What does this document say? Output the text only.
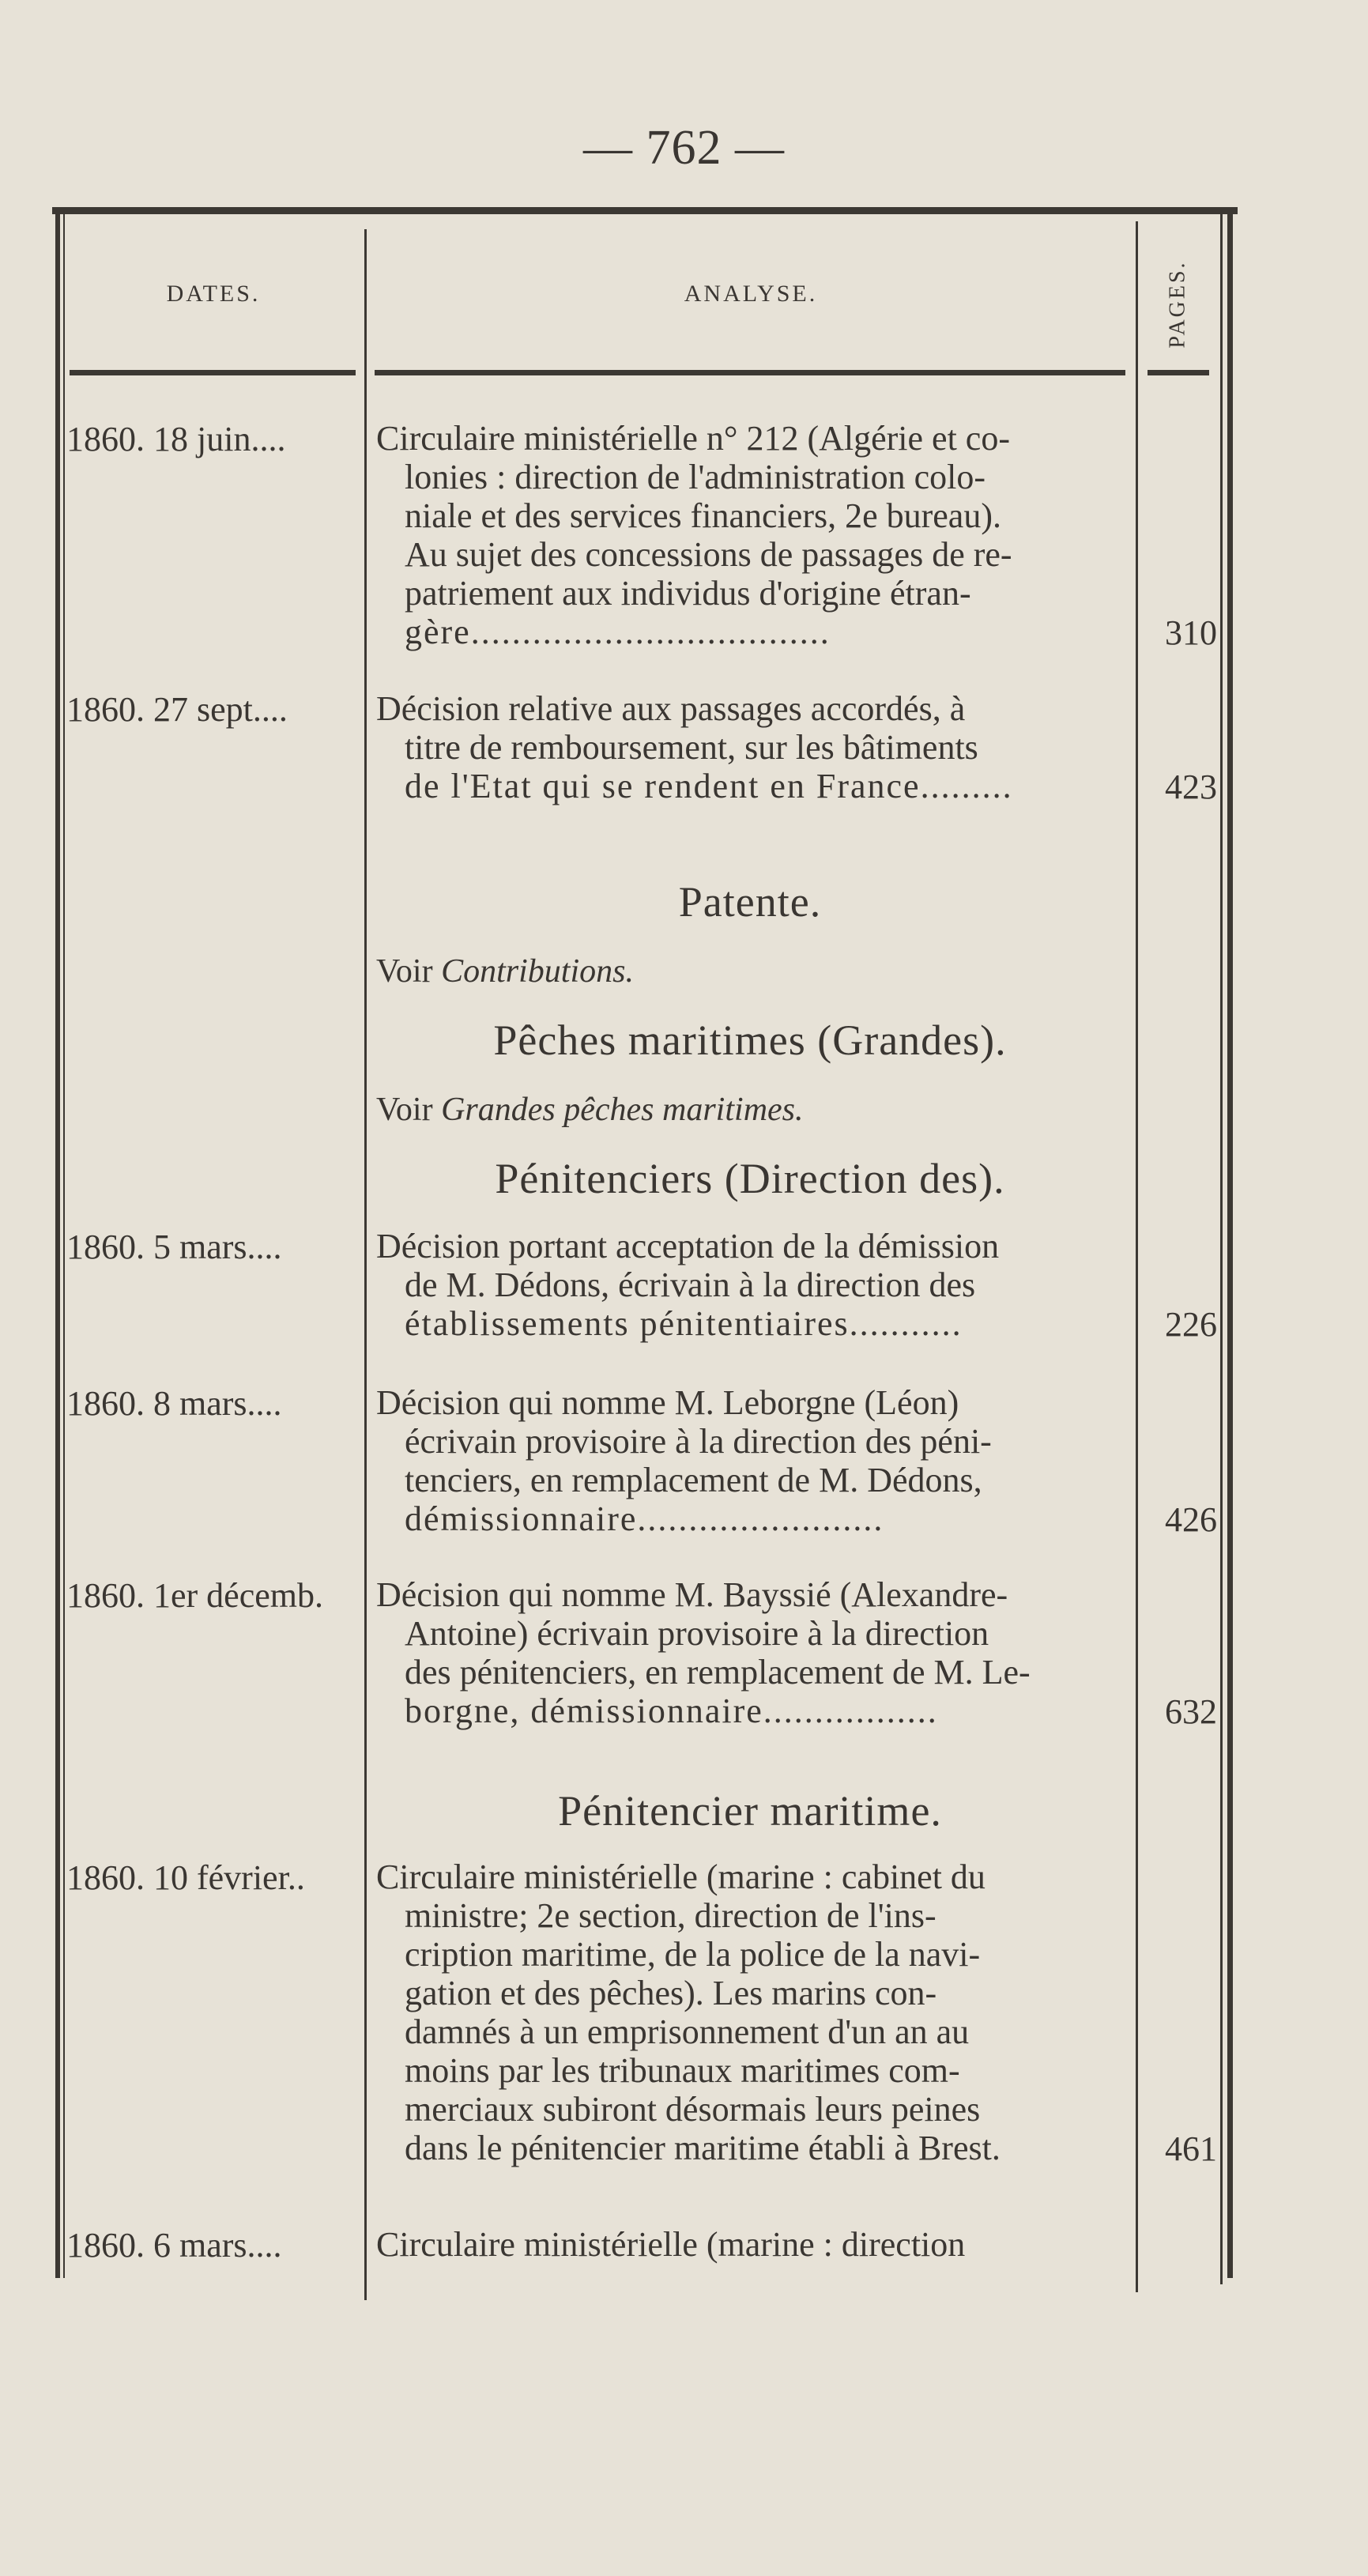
— 762 —
DATES.	ANALYSE.	PAGES.
1860. 18 juin....	Circulaire ministérielle n° 212 (Algérie et co-
lonies : direction de l'administration colo-
niale et des services financiers, 2e bureau).
Au sujet des concessions de passages de re-
patriement aux individus d'origine étran-
gère...................................	310
1860. 27 sept....	Décision relative aux passages accordés, à
titre de remboursement, sur les bâtiments
de l'Etat qui se rendent en France.........	423
Patente.
Voir Contributions.
Pêches maritimes (Grandes).
Voir Grandes pêches maritimes.
Pénitenciers (Direction des).
1860. 5 mars....	Décision portant acceptation de la démission
de M. Dédons, écrivain à la direction des
établissements pénitentiaires...........	226
1860. 8 mars....	Décision qui nomme M. Leborgne (Léon)
écrivain provisoire à la direction des péni-
tenciers, en remplacement de M. Dédons,
démissionnaire........................	426
1860. 1er décemb.	Décision qui nomme M. Bayssié (Alexandre-
Antoine) écrivain provisoire à la direction
des pénitenciers, en remplacement de M. Le-
borgne, démissionnaire.................	632
Pénitencier maritime.
1860. 10 février..	Circulaire ministérielle (marine : cabinet du
ministre; 2e section, direction de l'ins-
cription maritime, de la police de la navi-
gation et des pêches). Les marins con-
damnés à un emprisonnement d'un an au
moins par les tribunaux maritimes com-
merciaux subiront désormais leurs peines
dans le pénitencier maritime établi à Brest.	461
1860. 6 mars....	Circulaire ministérielle (marine : direction
